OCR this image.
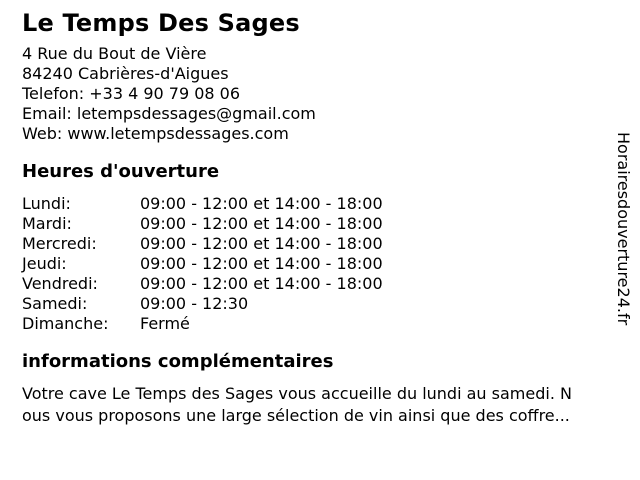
Le Temps Des Sages
4 Rue du Bout de Vière
84240 Cabrières-d'Aigues
Telefon: +33 4 90 79 08 06
Email: letempsdessages@gmail.com
Web: www.letempsdessages.com
Heures d'ouverture
Lundi:	09:00 - 12:00 et 14:00 - 18:00
Mardi:	09:00 - 12:00 et 14:00 - 18:00
Mercredi:	09:00 - 12:00 et 14:00 - 18:00
Jeudi:	09:00 - 12:00 et 14:00 - 18:00
Vendredi:	09:00 - 12:00 et 14:00 - 18:00
Samedi:	09:00 - 12:30
Dimanche: Fermé
informations complémentaires
Votre cave Le Temps des Sages vous accueille du lundi au samedi. N
ous vous proposons une large sélection de vin ainsi que des coffre...
Horairesdouverture24.fr
